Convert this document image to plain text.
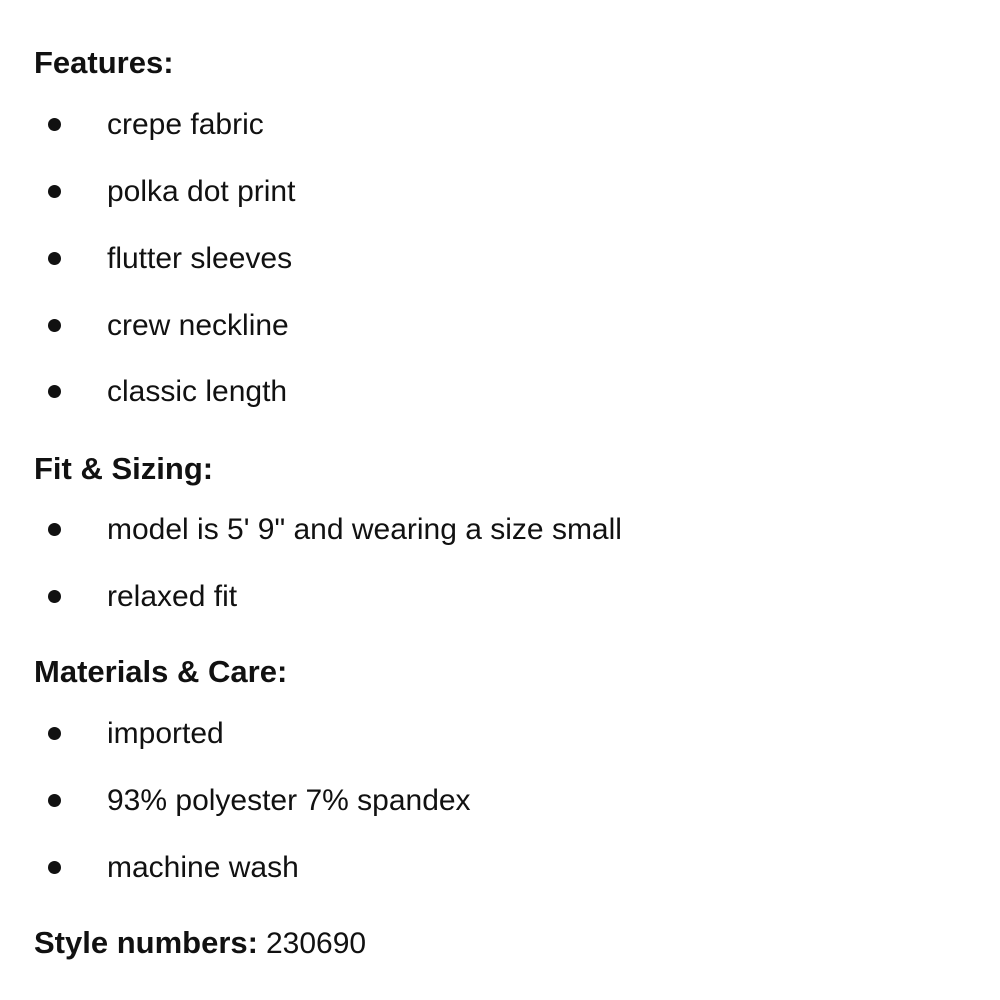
Features:
crepe fabric
polka dot print
flutter sleeves
crew neckline
classic length
Fit & Sizing:
model is 5' 9" and wearing a size small
relaxed fit
Materials & Care:
imported
93% polyester 7% spandex
machine wash
Style numbers: 230690
